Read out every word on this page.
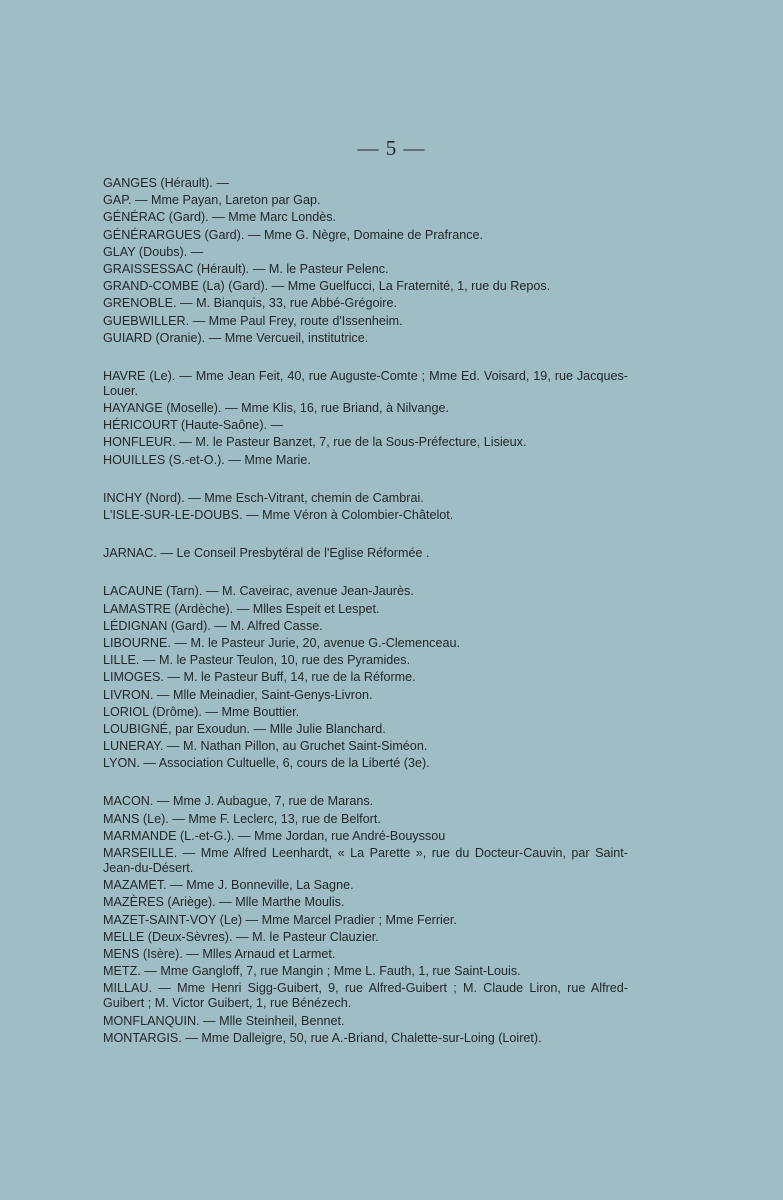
— 5 —
GANGES (Hérault). —
GAP. — Mme Payan, Lareton par Gap.
GÉNÉRAC (Gard). — Mme Marc Londès.
GÉNÉRARGUES (Gard). — Mme G. Nègre, Domaine de Prafrance.
GLAY (Doubs). —
GRAISSESSAC (Hérault). — M. le Pasteur Pelenc.
GRAND-COMBE (La) (Gard). — Mme Guelfucci, La Fraternité, 1, rue du Repos.
GRENOBLE. — M. Bianquis, 33, rue Abbé-Grégoire.
GUEBWILLER. — Mme Paul Frey, route d'Issenheim.
GUIARD (Oranie). — Mme Vercueil, institutrice.
HAVRE (Le). — Mme Jean Feit, 40, rue Auguste-Comte ; Mme Ed. Voisard, 19, rue Jacques-Louer.
HAYANGE (Moselle). — Mme Klis, 16, rue Briand, à Nilvange.
HÉRICOURT (Haute-Saône). —
HONFLEUR. — M. le Pasteur Banzet, 7, rue de la Sous-Préfecture, Lisieux.
HOUILLES (S.-et-O.). — Mme Marie.
INCHY (Nord). — Mme Esch-Vitrant, chemin de Cambrai.
L'ISLE-SUR-LE-DOUBS. — Mme Véron à Colombier-Châtelot.
JARNAC. — Le Conseil Presbytéral de l'Eglise Réformée .
LACAUNE (Tarn). — M. Caveirac, avenue Jean-Jaurès.
LAMASTRE (Ardèche). — Mlles Espeit et Lespet.
LÉDIGNAN (Gard). — M. Alfred Casse.
LIBOURNE. — M. le Pasteur Jurie, 20, avenue G.-Clemenceau.
LILLE. — M. le Pasteur Teulon, 10, rue des Pyramides.
LIMOGES. — M. le Pasteur Buff, 14, rue de la Réforme.
LIVRON. — Mlle Meinadier, Saint-Genys-Livron.
LORIOL (Drôme). — Mme Bouttier.
LOUBIGNÉ, par Exoudun. — Mlle Julie Blanchard.
LUNERAY. — M. Nathan Pillon, au Gruchet Saint-Siméon.
LYON. — Association Cultuelle, 6, cours de la Liberté (3e).
MACON. — Mme J. Aubague, 7, rue de Marans.
MANS (Le). — Mme F. Leclerc, 13, rue de Belfort.
MARMANDE (L.-et-G.). — Mme Jordan, rue André-Bouyssou
MARSEILLE. — Mme Alfred Leenhardt, « La Parette », rue du Docteur-Cauvin, par Saint-Jean-du-Désert.
MAZAMET. — Mme J. Bonneville, La Sagne.
MAZÈRES (Ariège). — Mlle Marthe Moulis.
MAZET-SAINT-VOY (Le) — Mme Marcel Pradier ; Mme Ferrier.
MELLE (Deux-Sèvres). — M. le Pasteur Clauzier.
MENS (Isère). — Mlles Arnaud et Larmet.
METZ. — Mme Gangloff, 7, rue Mangin ; Mme L. Fauth, 1, rue Saint-Louis.
MILLAU. — Mme Henri Sigg-Guibert, 9, rue Alfred-Guibert ; M. Claude Liron, rue Alfred-Guibert ; M. Victor Guibert, 1, rue Bénézech.
MONFLANQUIN. — Mlle Steinheil, Bennet.
MONTARGIS. — Mme Dalleigre, 50, rue A.-Briand, Chalette-sur-Loing (Loiret).
